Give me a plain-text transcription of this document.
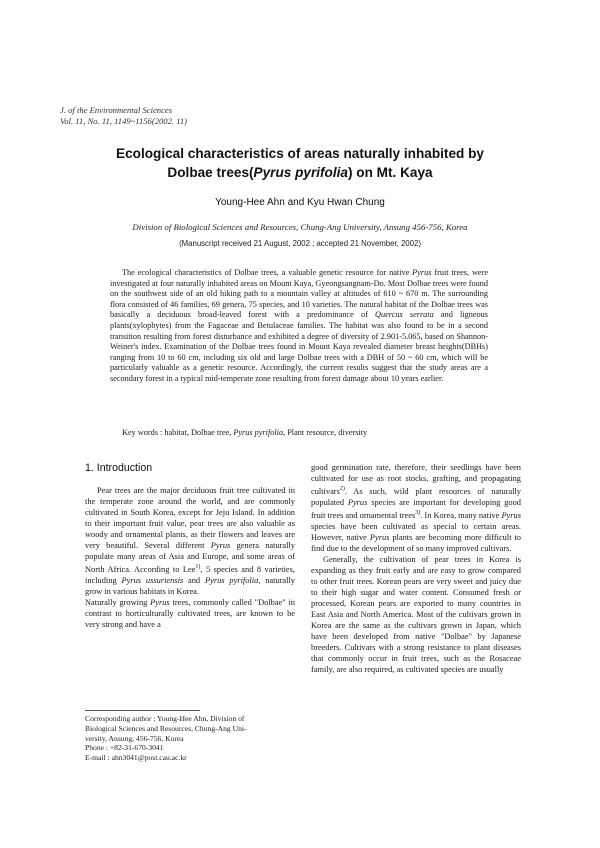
J. of the Environmental Sciences
Vol. 11, No. 11, 1149~1156(2002. 11)
Ecological characteristics of areas naturally inhabited by
Dolbae trees(Pyrus pyrifolia) on Mt. Kaya
Young-Hee Ahn and Kyu Hwan Chung
Division of Biological Sciences and Resources, Chung-Ang University, Ansung 456-756, Korea
(Manuscript received 21 August, 2002 ; accepted 21 November, 2002)
The ecological characteristics of Dolbae trees, a valuable genetic resource for native Pyrus fruit trees, were investigated at four naturally inhabited areas on Mount Kaya, Gyeongsangnam-Do. Most Dolbae trees were found on the southwest side of an old hiking path to a mountain valley at altitudes of 610 ~ 670 m. The surrounding flora consisted of 46 families, 69 genera, 75 species, and 10 varieties. The natural habitat of the Dolbae trees was basically a deciduous broad-leaved forest with a predominance of Quercus serrata and ligneous plants(xylophytes) from the Fagaceae and Betulaceae families. The habitat was also found to be in a second transition resulting from forest disturbance and exhibited a degree of diversity of 2.901-5.065, based on Shannon-Weiner's index. Examination of the Dolbae trees found in Mount Kaya revealed diameter breast heights(DBHs) ranging from 10 to 60 cm, including six old and large Dolbae trees with a DBH of 50 ~ 60 cm, which will be particularly valuable as a genetic resource. Accordingly, the current results suggest that the study areas are a secondary forest in a typical mid-temperate zone resulting from forest damage about 10 years earlier.
Key words : habitat, Dolbae tree, Pyrus pyrifolia, Plant resource, diversity
1. Introduction

Pear trees are the major deciduous fruit tree cultivated in the temperate zone around the world, and are commonly cultivated in South Korea, except for Jeju Island. In addition to their important fruit value, pear trees are also valuable as woody and ornamental plants, as their flowers and leaves are very beautiful. Several different Pyrus genera naturally populate many areas of Asia and Europe, and some areas of North Africa. According to Lee$^{1)}$, 5 species and 8 varieties, including Pyrus ussuriensis and Pyrus pyrifolia, naturally grow in various habitats in Korea.

Naturally growing Pyrus trees, commonly called "Dolbae" in contrast to horticulturally cultivated trees, are known to be very strong and have a

good germination rate, therefore, their seedlings have been cultivated for use as root stocks, grafting, and propagating cultivars$^{2)}$. As such, wild plant resources of naturally populated Pyrus species are important for developing good fruit trees and ornamental trees$^{3)}$. In Korea, many native Pyrus species have been cultivated as special to certain areas. However, native Pyrus plants are becoming more difficult to find due to the development of so many improved cultivars.

Generally, the cultivation of pear trees in Korea is expanding as they fruit early and are easy to grow compared to other fruit trees. Korean pears are very sweet and juicy due to their high sugar and water content. Consumed fresh or processed, Korean pears are exported to many countries in East Asia and North America. Most of the cultivars grown in Korea are the same as the cultivars grown in Japan, which have been developed from native "Dolbae" by Japanese breeders. Cultivars with a strong resistance to plant diseases that commonly occur in fruit trees, such as the Rosaceae family, are also required, as cultivated species are usually

Corresponding author ; Young-Hee Ahn, Division of
Biological Sciences and Resources, Chung-Ang Uni-
versity, Ansung, 456-756, Korea
Phone : +82-31-670-3041
E-mail : ahn3041@post.cau.ac.kr
